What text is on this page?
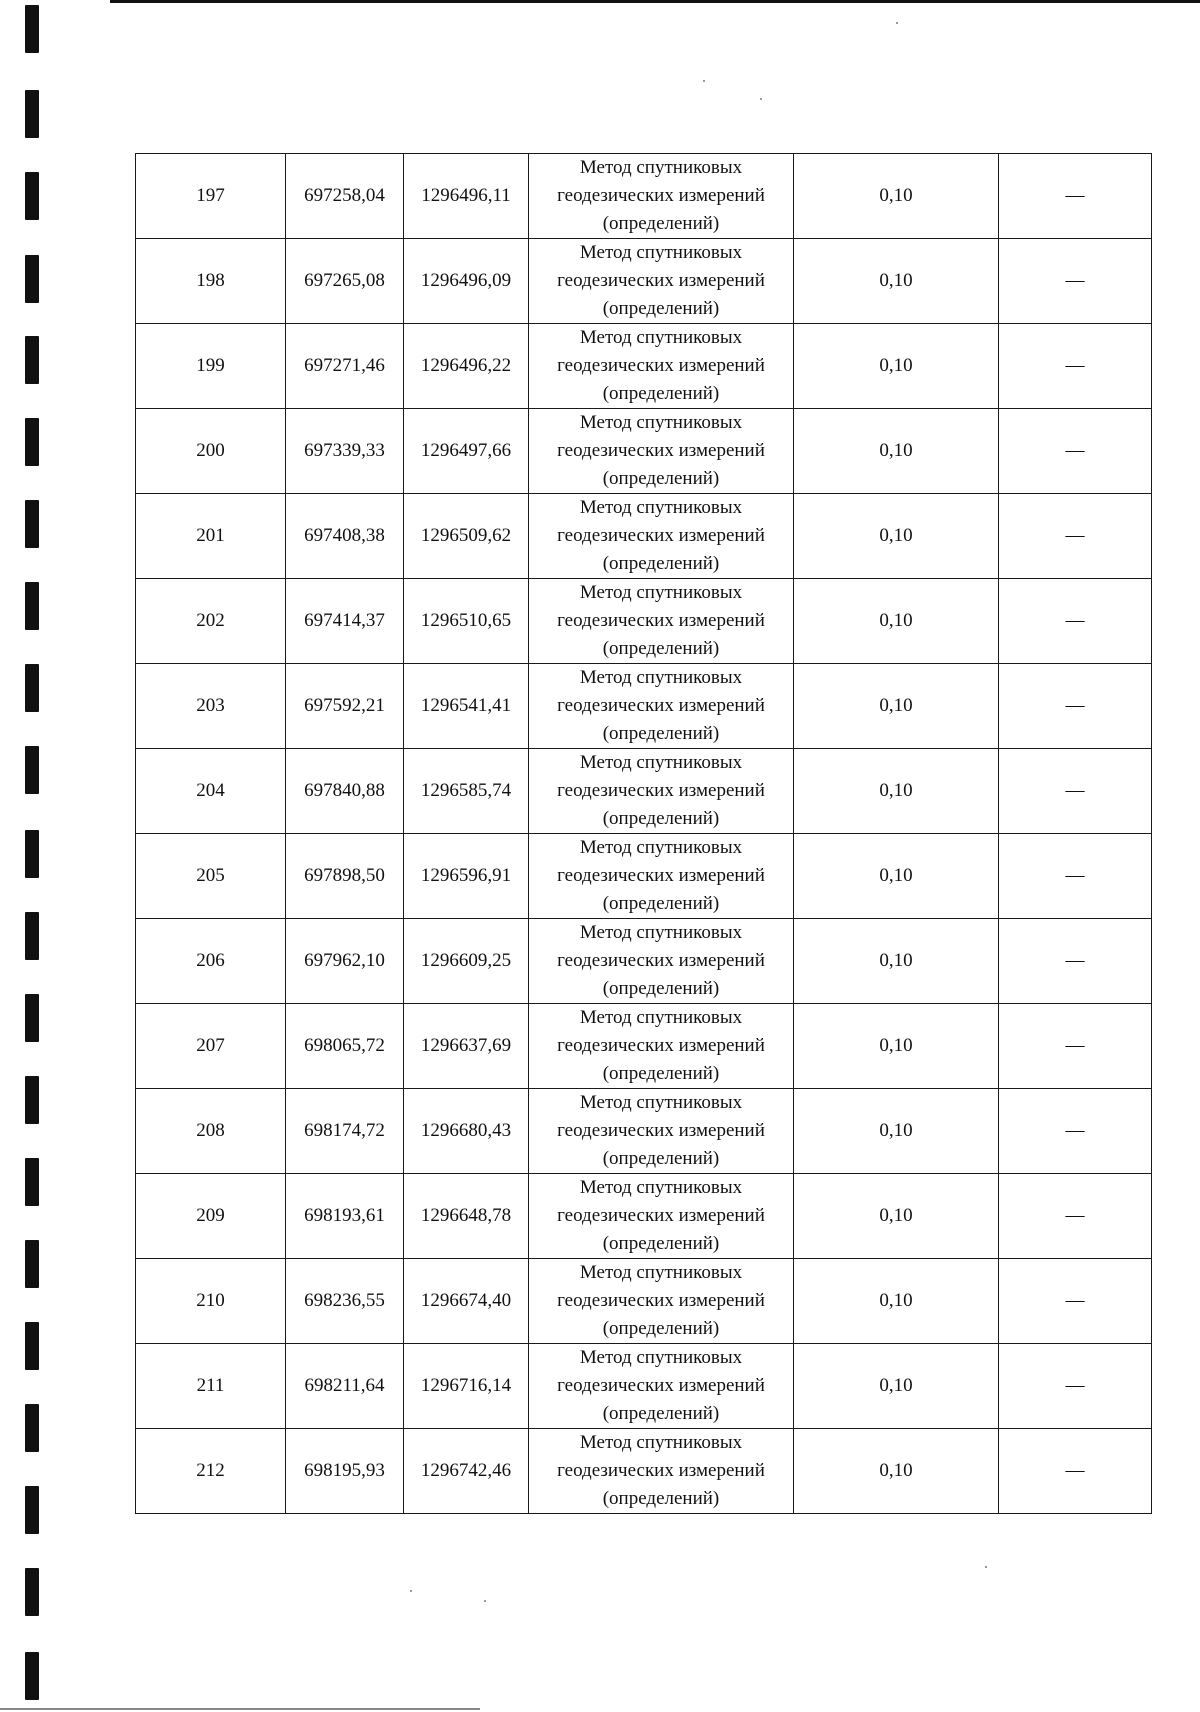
197	697258,04	1296496,11	Метод спутниковых
геодезических измерений
(определений)	0,10	—
198	697265,08	1296496,09	Метод спутниковых
геодезических измерений
(определений)	0,10	—
199	697271,46	1296496,22	Метод спутниковых
геодезических измерений
(определений)	0,10	—
200	697339,33	1296497,66	Метод спутниковых
геодезических измерений
(определений)	0,10	—
201	697408,38	1296509,62	Метод спутниковых
геодезических измерений
(определений)	0,10	—
202	697414,37	1296510,65	Метод спутниковых
геодезических измерений
(определений)	0,10	—
203	697592,21	1296541,41	Метод спутниковых
геодезических измерений
(определений)	0,10	—
204	697840,88	1296585,74	Метод спутниковых
геодезических измерений
(определений)	0,10	—
205	697898,50	1296596,91	Метод спутниковых
геодезических измерений
(определений)	0,10	—
206	697962,10	1296609,25	Метод спутниковых
геодезических измерений
(определений)	0,10	—
207	698065,72	1296637,69	Метод спутниковых
геодезических измерений
(определений)	0,10	—
208	698174,72	1296680,43	Метод спутниковых
геодезических измерений
(определений)	0,10	—
209	698193,61	1296648,78	Метод спутниковых
геодезических измерений
(определений)	0,10	—
210	698236,55	1296674,40	Метод спутниковых
геодезических измерений
(определений)	0,10	—
211	698211,64	1296716,14	Метод спутниковых
геодезических измерений
(определений)	0,10	—
212	698195,93	1296742,46	Метод спутниковых
геодезических измерений
(определений)	0,10	—
